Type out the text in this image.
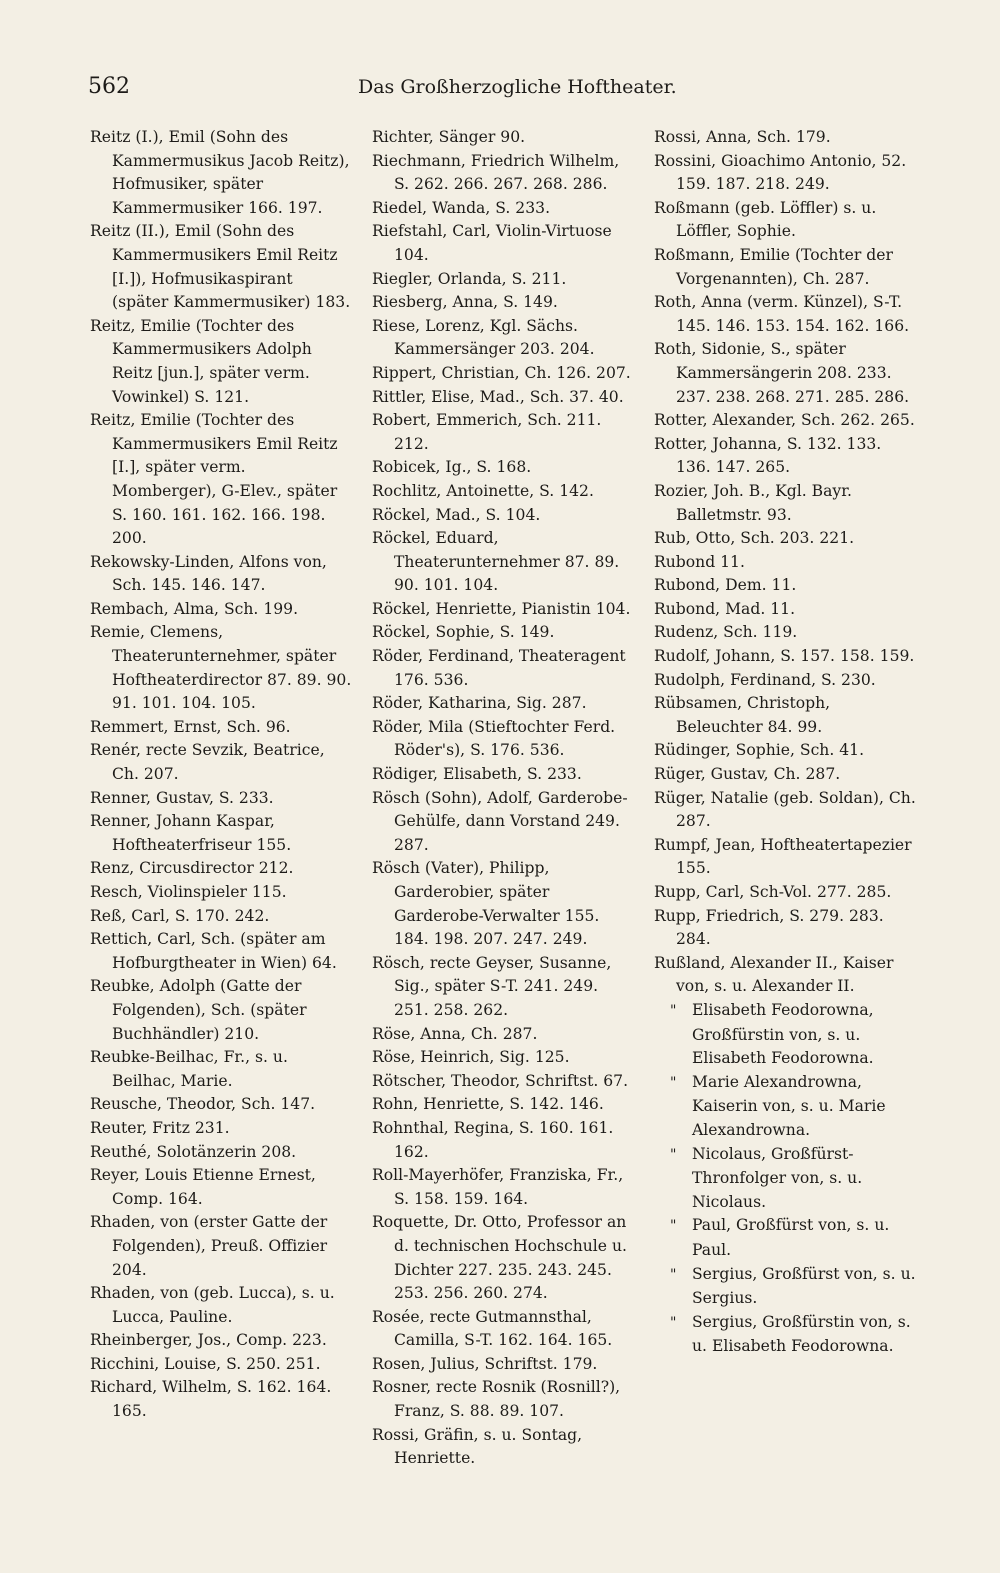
562	Das Großherzogliche Hoftheater.

Reitz (I.), Emil (Sohn des Kammermusikus Jacob Reitz), Hofmusiker, später Kammermusiker 166. 197.

Reitz (II.), Emil (Sohn des Kammermusikers Emil Reitz [I.]), Hofmusikaspirant (später Kammermusiker) 183.

Reitz, Emilie (Tochter des Kammermusikers Adolph Reitz [jun.], später verm. Vowinkel) S. 121.

Reitz, Emilie (Tochter des Kammermusikers Emil Reitz [I.], später verm. Momberger), G-Elev., später S. 160. 161. 162. 166. 198. 200.

Rekowsky-Linden, Alfons von, Sch. 145. 146. 147.

Rembach, Alma, Sch. 199.

Remie, Clemens, Theaterunternehmer, später Hoftheaterdirector 87. 89. 90. 91. 101. 104. 105.

Remmert, Ernst, Sch. 96.

Renér, recte Sevzik, Beatrice, Ch. 207.

Renner, Gustav, S. 233.

Renner, Johann Kaspar, Hoftheaterfriseur 155.

Renz, Circusdirector 212.

Resch, Violinspieler 115.

Reß, Carl, S. 170. 242.

Rettich, Carl, Sch. (später am Hofburgtheater in Wien) 64.

Reubke, Adolph (Gatte der Folgenden), Sch. (später Buchhändler) 210.

Reubke-Beilhac, Fr., s. u. Beilhac, Marie.

Reusche, Theodor, Sch. 147.

Reuter, Fritz 231.

Reuthé, Solotänzerin 208.

Reyer, Louis Etienne Ernest, Comp. 164.

Rhaden, von (erster Gatte der Folgenden), Preuß. Offizier 204.

Rhaden, von (geb. Lucca), s. u. Lucca, Pauline.

Rheinberger, Jos., Comp. 223.

Ricchini, Louise, S. 250. 251.

Richard, Wilhelm, S. 162. 164. 165.

Richter, Sänger 90.

Riechmann, Friedrich Wilhelm, S. 262. 266. 267. 268. 286.

Riedel, Wanda, S. 233.

Riefstahl, Carl, Violin-Virtuose 104.

Riegler, Orlanda, S. 211.

Riesberg, Anna, S. 149.

Riese, Lorenz, Kgl. Sächs. Kammersänger 203. 204.

Rippert, Christian, Ch. 126. 207.

Rittler, Elise, Mad., Sch. 37. 40.

Robert, Emmerich, Sch. 211. 212.

Robicek, Ig., S. 168.

Rochlitz, Antoinette, S. 142.

Röckel, Mad., S. 104.

Röckel, Eduard, Theaterunternehmer 87. 89. 90. 101. 104.

Röckel, Henriette, Pianistin 104.

Röckel, Sophie, S. 149.

Röder, Ferdinand, Theateragent 176. 536.

Röder, Katharina, Sig. 287.

Röder, Mila (Stieftochter Ferd. Röder's), S. 176. 536.

Rödiger, Elisabeth, S. 233.

Rösch (Sohn), Adolf, Garderobe-Gehülfe, dann Vorstand 249. 287.

Rösch (Vater), Philipp, Garderobier, später Garderobe-Verwalter 155. 184. 198. 207. 247. 249.

Rösch, recte Geyser, Susanne, Sig., später S-T. 241. 249. 251. 258. 262.

Röse, Anna, Ch. 287.

Röse, Heinrich, Sig. 125.

Rötscher, Theodor, Schriftst. 67.

Rohn, Henriette, S. 142. 146.

Rohnthal, Regina, S. 160. 161. 162.

Roll-Mayerhöfer, Franziska, Fr., S. 158. 159. 164.

Roquette, Dr. Otto, Professor an d. technischen Hochschule u. Dichter 227. 235. 243. 245. 253. 256. 260. 274.

Rosée, recte Gutmannsthal, Camilla, S-T. 162. 164. 165.

Rosen, Julius, Schriftst. 179.

Rosner, recte Rosnik (Rosnill?), Franz, S. 88. 89. 107.

Rossi, Gräfin, s. u. Sontag, Henriette.

Rossi, Anna, Sch. 179.

Rossini, Gioachimo Antonio, 52. 159. 187. 218. 249.

Roßmann (geb. Löffler) s. u. Löffler, Sophie.

Roßmann, Emilie (Tochter der Vorgenannten), Ch. 287.

Roth, Anna (verm. Künzel), S-T. 145. 146. 153. 154. 162. 166.

Roth, Sidonie, S., später Kammersängerin 208. 233. 237. 238. 268. 271. 285. 286.

Rotter, Alexander, Sch. 262. 265.

Rotter, Johanna, S. 132. 133. 136. 147. 265.

Rozier, Joh. B., Kgl. Bayr. Balletmstr. 93.

Rub, Otto, Sch. 203. 221.

Rubond 11.

Rubond, Dem. 11.

Rubond, Mad. 11.

Rudenz, Sch. 119.

Rudolf, Johann, S. 157. 158. 159.

Rudolph, Ferdinand, S. 230.

Rübsamen, Christoph, Beleuchter 84. 99.

Rüdinger, Sophie, Sch. 41.

Rüger, Gustav, Ch. 287.

Rüger, Natalie (geb. Soldan), Ch. 287.

Rumpf, Jean, Hoftheatertapezier 155.

Rupp, Carl, Sch-Vol. 277. 285.

Rupp, Friedrich, S. 279. 283. 284.

Rußland, Alexander II., Kaiser von, s. u. Alexander II.

" Elisabeth Feodorowna, Großfürstin von, s. u. Elisabeth Feodorowna.

" Marie Alexandrowna, Kaiserin von, s. u. Marie Alexandrowna.

" Nicolaus, Großfürst-Thronfolger von, s. u. Nicolaus.

" Paul, Großfürst von, s. u. Paul.

" Sergius, Großfürst von, s. u. Sergius.

" Sergius, Großfürstin von, s. u. Elisabeth Feodorowna.
